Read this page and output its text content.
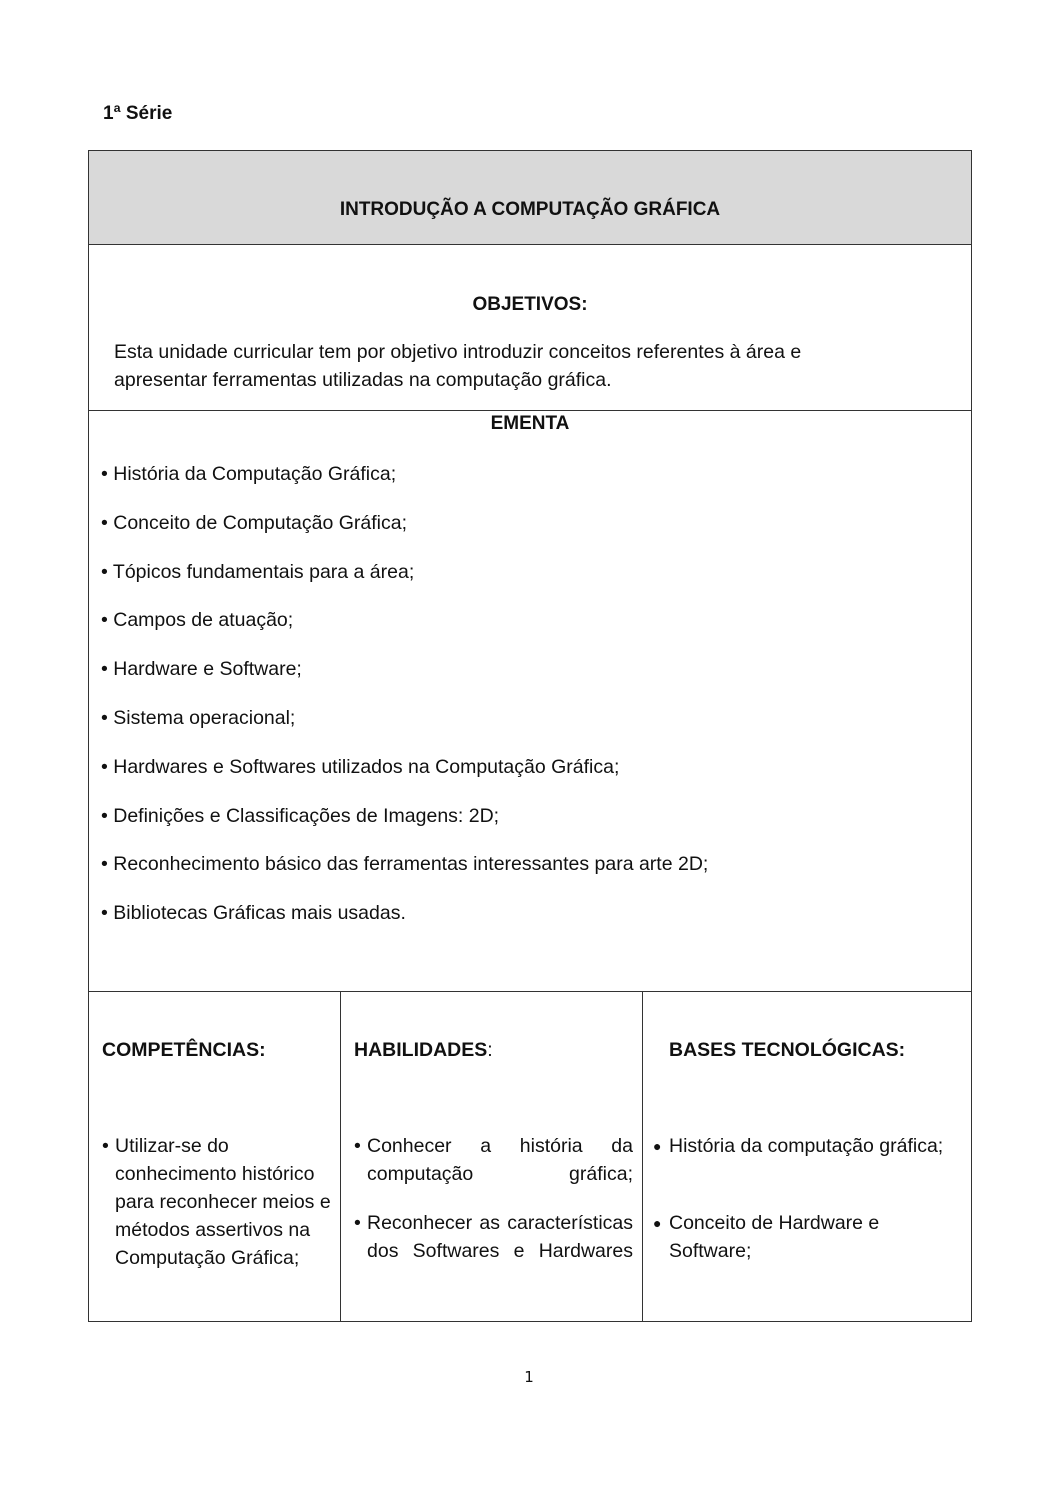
1ª Série
INTRODUÇÃO A COMPUTAÇÃO GRÁFICA
OBJETIVOS:
Esta unidade curricular tem por objetivo introduzir conceitos referentes à área e
apresentar ferramentas utilizadas na computação gráfica.
EMENTA
• História da Computação Gráfica;
• Conceito de Computação Gráfica;
• Tópicos fundamentais para a área;
• Campos de atuação;
• Hardware e Software;
• Sistema operacional;
• Hardwares e Softwares utilizados na Computação Gráfica;
• Definições e Classificações de Imagens: 2D;
• Reconhecimento básico das ferramentas interessantes para arte 2D;
• Bibliotecas Gráficas mais usadas.
COMPETÊNCIAS:
• Utilizar-se do conhecimento histórico para reconhecer meios e métodos assertivos na Computação Gráfica;
HABILIDADES:
• Conhecer a história da computação gráfica;
• Reconhecer as características dos Softwares e Hardwares
BASES TECNOLÓGICAS:
● História da computação gráfica;
● Conceito de Hardware e Software;
1
